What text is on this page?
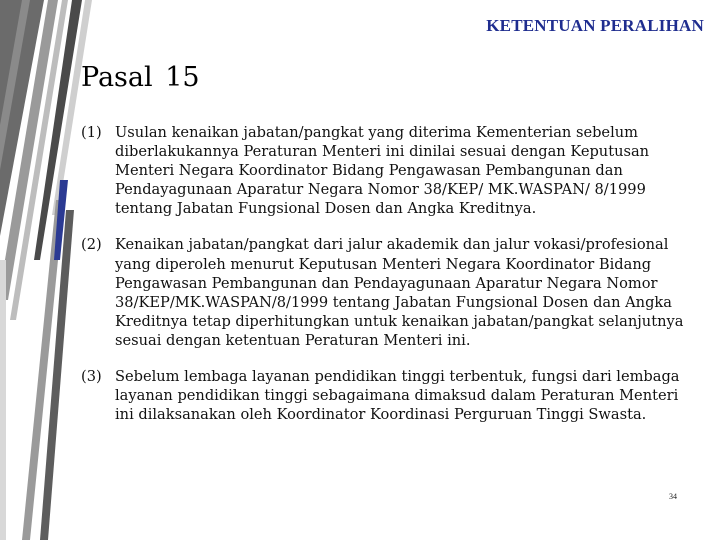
KETENTUAN PERALIHAN
Pasal 15
(1) Usulan kenaikan jabatan/pangkat yang diterima Kementerian sebelum diberlakukannya Peraturan Menteri ini dinilai sesuai dengan Keputusan Menteri Negara Koordinator Bidang Pengawasan Pembangunan dan Pendayagunaan Aparatur Negara Nomor 38/KEP/ MK.WASPAN/ 8/1999 tentang Jabatan Fungsional Dosen dan Angka Kreditnya.
(2) Kenaikan jabatan/pangkat dari jalur akademik dan jalur vokasi/profesional yang diperoleh menurut Keputusan Menteri Negara Koordinator Bidang Pengawasan Pembangunan dan Pendayagunaan Aparatur Negara Nomor 38/KEP/MK.WASPAN/8/1999 tentang Jabatan Fungsional Dosen dan Angka Kreditnya tetap diperhitungkan untuk kenaikan jabatan/pangkat selanjutnya sesuai dengan ketentuan Peraturan Menteri ini.
(3) Sebelum lembaga layanan pendidikan tinggi terbentuk, fungsi dari lembaga layanan pendidikan tinggi sebagaimana dimaksud dalam Peraturan Menteri ini dilaksanakan oleh Koordinator Koordinasi Perguruan Tinggi Swasta.
34
